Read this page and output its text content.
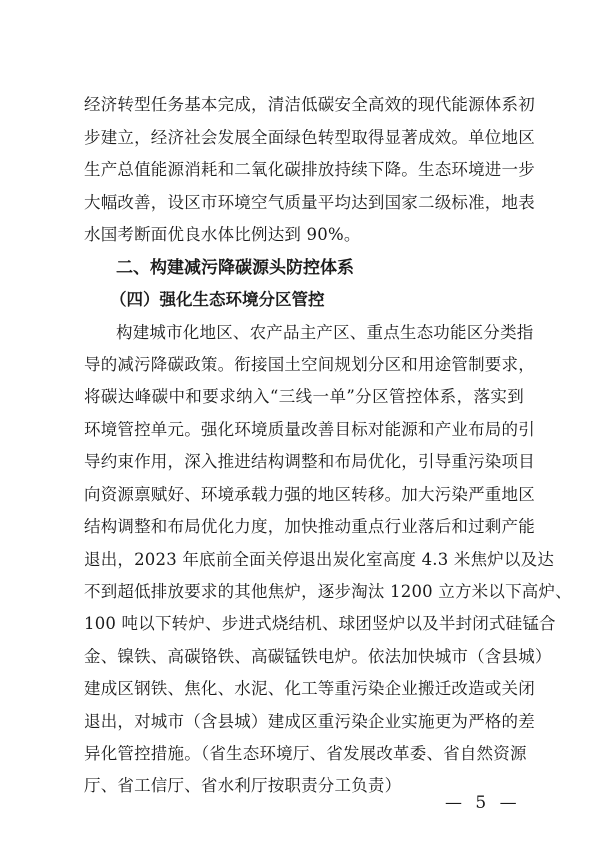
经济转型任务基本完成，清洁低碳安全高效的现代能源体系初
步建立，经济社会发展全面绿色转型取得显著成效。单位地区
生产总值能源消耗和二氧化碳排放持续下降。生态环境进一步
大幅改善，设区市环境空气质量平均达到国家二级标准，地表
水国考断面优良水体比例达到 90%。
二、构建减污降碳源头防控体系
（四）强化生态环境分区管控
构建城市化地区、农产品主产区、重点生态功能区分类指
导的减污降碳政策。衔接国土空间规划分区和用途管制要求，
将碳达峰碳中和要求纳入“三线一单”分区管控体系，落实到
环境管控单元。强化环境质量改善目标对能源和产业布局的引
导约束作用，深入推进结构调整和布局优化，引导重污染项目
向资源禀赋好、环境承载力强的地区转移。加大污染严重地区
结构调整和布局优化力度，加快推动重点行业落后和过剩产能
退出，2023 年底前全面关停退出炭化室高度 4.3 米焦炉以及达
不到超低排放要求的其他焦炉，逐步淘汰 1200 立方米以下高炉、
100 吨以下转炉、步进式烧结机、球团竖炉以及半封闭式硅锰合
金、镍铁、高碳铬铁、高碳锰铁电炉。依法加快城市（含县城）
建成区钢铁、焦化、水泥、化工等重污染企业搬迁改造或关闭
退出，对城市（含县城）建成区重污染企业实施更为严格的差
异化管控措施。（省生态环境厅、省发展改革委、省自然资源
厅、省工信厅、省水利厅按职责分工负责）
— 5 —
